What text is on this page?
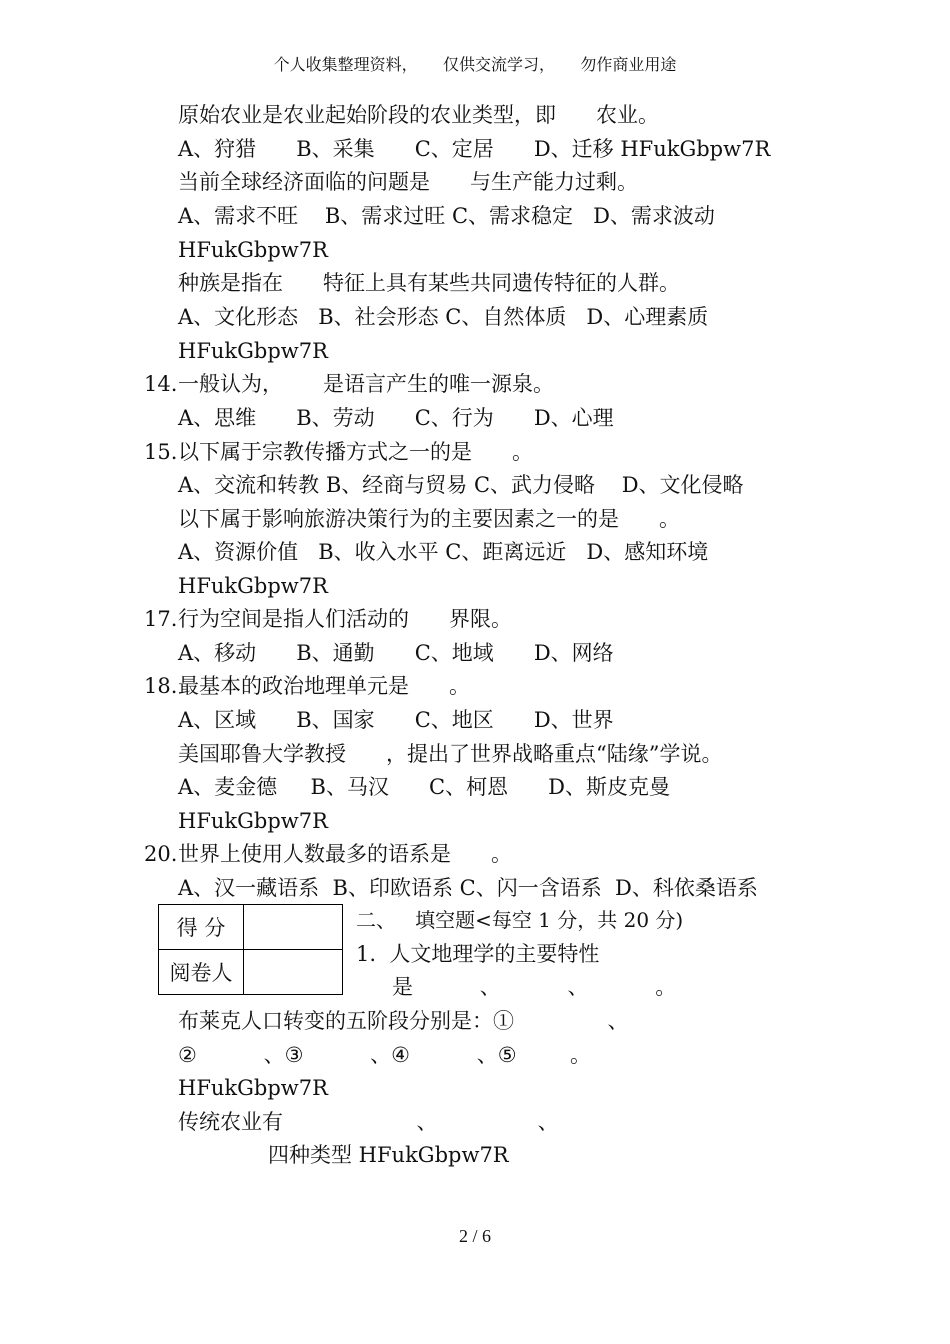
个人收集整理资料，     仅供交流学习，     勿作商业用途
原始农业是农业起始阶段的农业类型，即      农业。
A、狩猎      B、采集      C、定居      D、迁移 HFukGbpw7R
当前全球经济面临的问题是      与生产能力过剩。
A、需求不旺    B、需求过旺 C、需求稳定   D、需求波动
HFukGbpw7R
种族是指在      特征上具有某些共同遗传特征的人群。
A、文化形态   B、社会形态 C、自然体质   D、心理素质
HFukGbpw7R
14. 一般认为，      是语言产生的唯一源泉。
A、思维      B、劳动      C、行为      D、心理
15. 以下属于宗教传播方式之一的是      。
A、交流和转教 B、经商与贸易 C、武力侵略    D、文化侵略
以下属于影响旅游决策行为的主要因素之一的是      。
A、资源价值   B、收入水平 C、距离远近   D、感知环境
HFukGbpw7R
17. 行为空间是指人们活动的      界限。
A、移动      B、通勤      C、地域      D、网络
18. 最基本的政治地理单元是      。
A、区域      B、国家      C、地区      D、世界
美国耶鲁大学教授      ，提出了世界战略重点“陆缘”学说。
A、麦金德     B、马汉      C、柯恩      D、斯皮克曼
HFukGbpw7R
20. 世界上使用人数最多的语系是      。
A、汉一藏语系  B、印欧语系 C、闪一含语系  D、科依桑语系
得 分	
阅卷人	
二、   填空题<每空 1 分，共 20 分)
1.  人文地理学的主要特性
是          、          、          。
布莱克人口转变的五阶段分别是：①              、
②          、③          、④          、⑤        。
HFukGbpw7R
传统农业有                    、               、
四种类型 HFukGbpw7R
2 / 6
